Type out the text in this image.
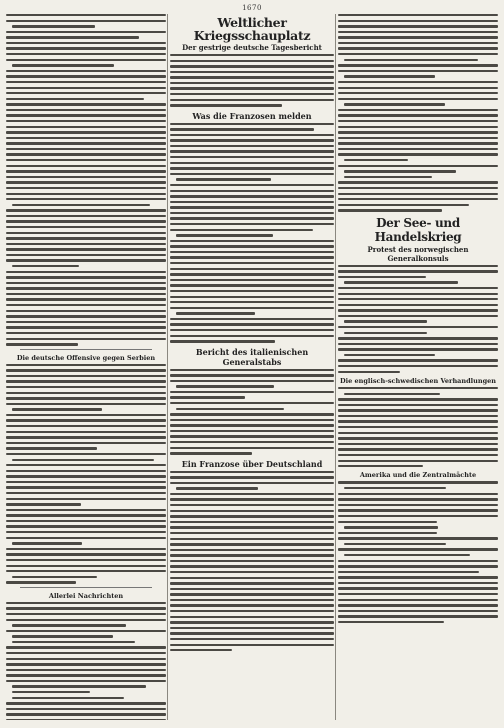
1670
Die deutsche Offensive gegen Serbien
Allerlei Nachrichten
Weltlicher Kriegsschauplatz
Der gestrige deutsche Tagesbericht
Was die Franzosen melden
Bericht des italienischen Generalstabs
Ein Franzose über Deutschland
Der See- und Handelskrieg
Protest des norwegischen Generalkonsuls
Die englisch-schwedischen Verhandlungen
Amerika und die Zentralmächte
